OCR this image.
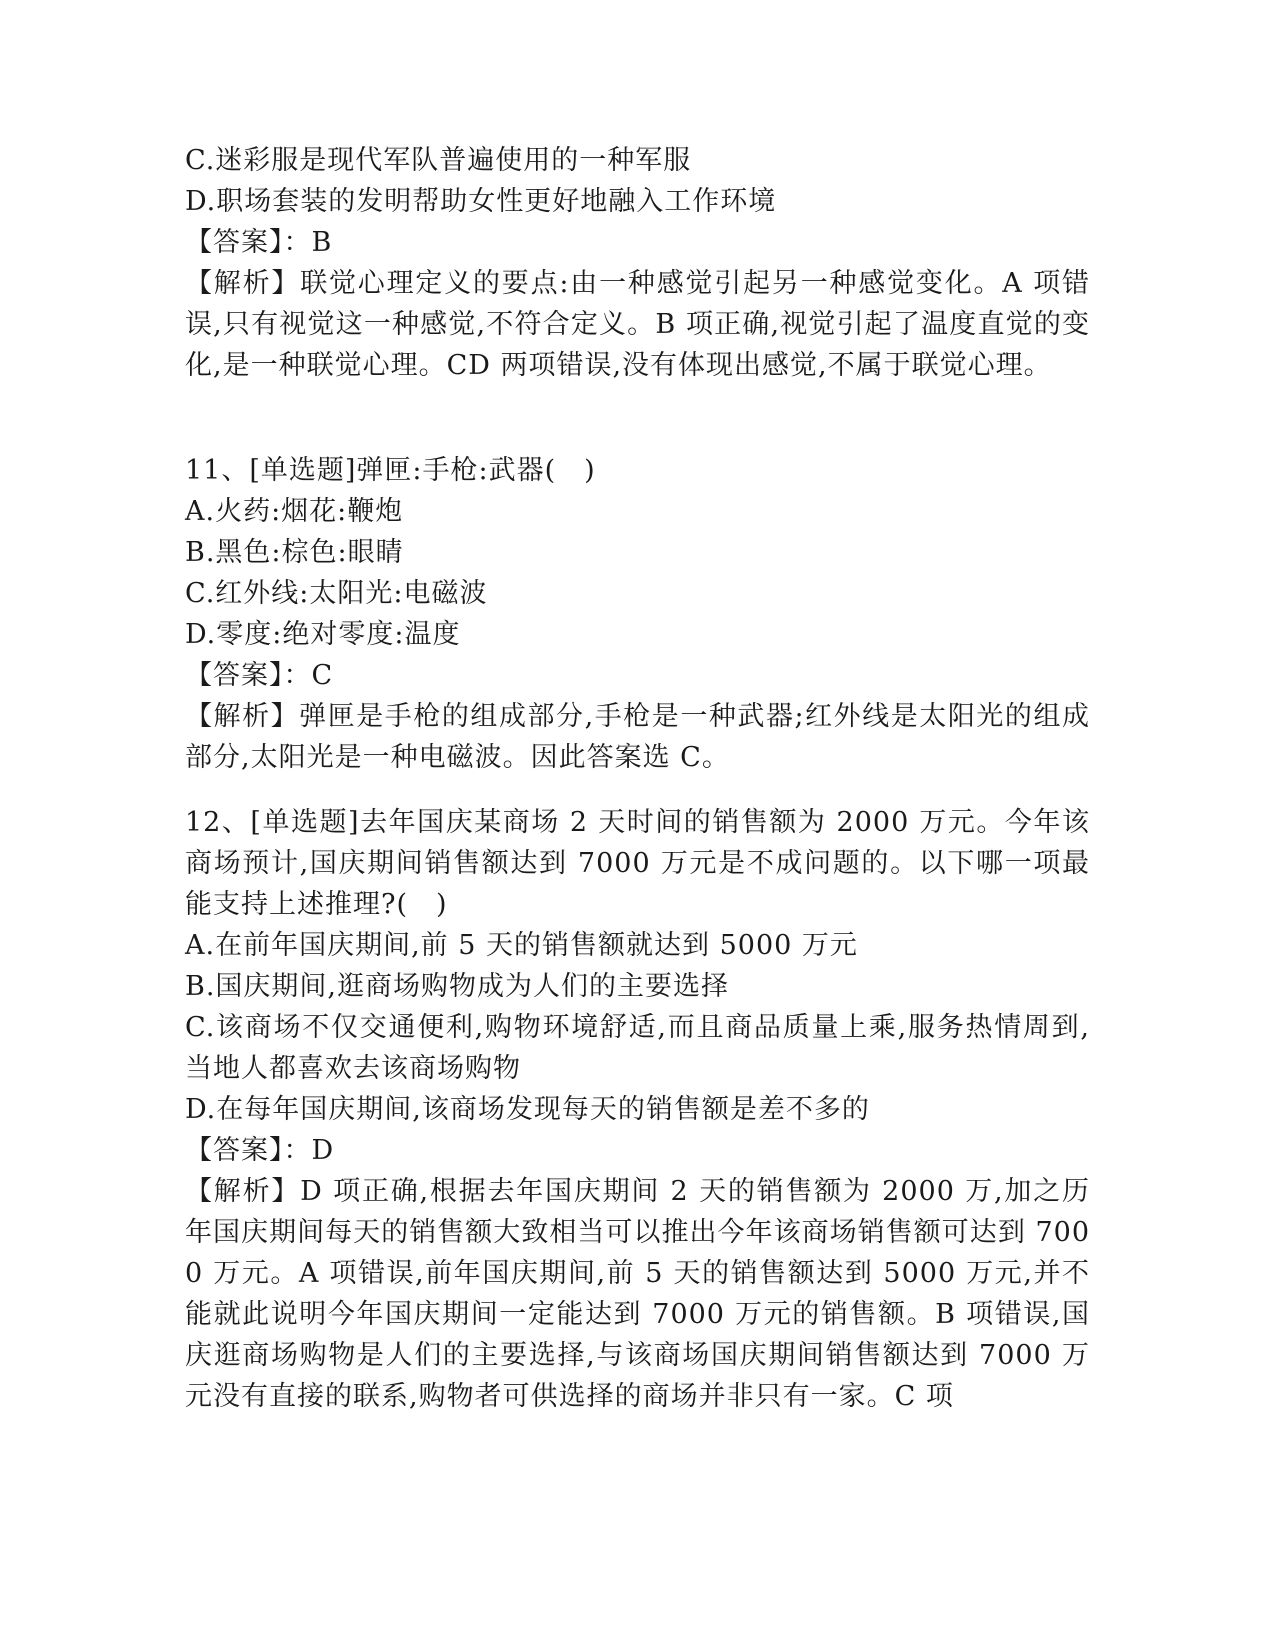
C.迷彩服是现代军队普遍使用的一种军服
D.职场套装的发明帮助女性更好地融入工作环境
【答案】：B
【解析】联觉心理定义的要点:由一种感觉引起另一种感觉变化。A 项错误,只有视觉这一种感觉,不符合定义。B 项正确,视觉引起了温度直觉的变化,是一种联觉心理。CD 两项错误,没有体现出感觉,不属于联觉心理。
11、[单选题]弹匣:手枪:武器(　)
A.火药:烟花:鞭炮
B.黑色:棕色:眼睛
C.红外线:太阳光:电磁波
D.零度:绝对零度:温度
【答案】：C
【解析】弹匣是手枪的组成部分,手枪是一种武器;红外线是太阳光的组成部分,太阳光是一种电磁波。因此答案选 C。
12、[单选题]去年国庆某商场 2 天时间的销售额为 2000 万元。今年该商场预计,国庆期间销售额达到 7000 万元是不成问题的。以下哪一项最能支持上述推理?(　)
A.在前年国庆期间,前 5 天的销售额就达到 5000 万元
B.国庆期间,逛商场购物成为人们的主要选择
C.该商场不仅交通便利,购物环境舒适,而且商品质量上乘,服务热情周到,当地人都喜欢去该商场购物
D.在每年国庆期间,该商场发现每天的销售额是差不多的
【答案】：D
【解析】D 项正确,根据去年国庆期间 2 天的销售额为 2000 万,加之历年国庆期间每天的销售额大致相当可以推出今年该商场销售额可达到 7000 万元。A 项错误,前年国庆期间,前 5 天的销售额达到 5000 万元,并不能就此说明今年国庆期间一定能达到 7000 万元的销售额。B 项错误,国庆逛商场购物是人们的主要选择,与该商场国庆期间销售额达到 7000 万元没有直接的联系,购物者可供选择的商场并非只有一家。C 项
